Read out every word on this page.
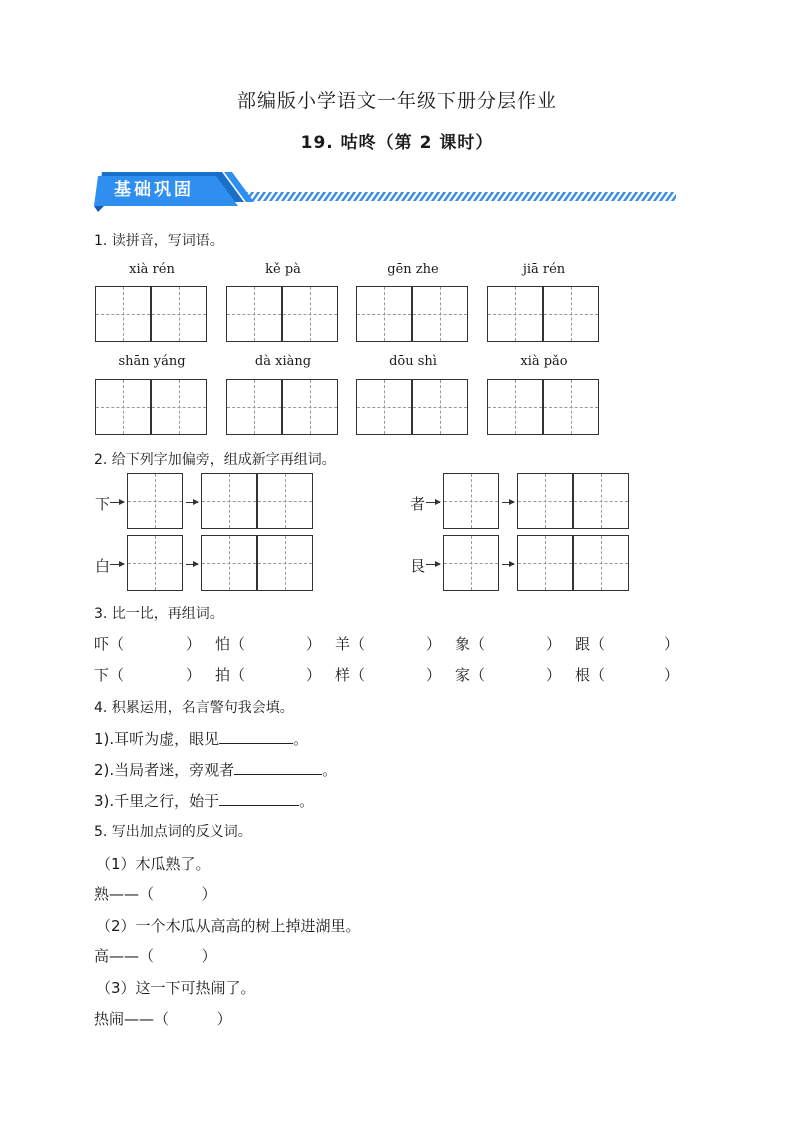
部编版小学语文一年级下册分层作业
19. 咕咚（第 2 课时）
基础巩固
1. 读拼音，写词语。
xià rén	kě pà	gēn zhe	jiā rén
shān yáng	dà xiàng	dōu shì	xià pǎo
2. 给下列字加偏旁，组成新字再组词。
下	者
白	艮
3. 比一比，再组词。
吓（	） 怕（	） 羊（	） 象（	） 跟（	）
下（	） 拍（	） 样（	） 家（	） 根（	）
4. 积累运用，名言警句我会填。
1).耳听为虚，眼见	。
2).当局者迷，旁观者	。
3).千里之行，始于	。
5. 写出加点词的反义词。
（1）木瓜熟了。
熟——（          ）
（2）一个木瓜从高高的树上掉进湖里。
高——（          ）
（3）这一下可热闹了。
热闹——（          ）
